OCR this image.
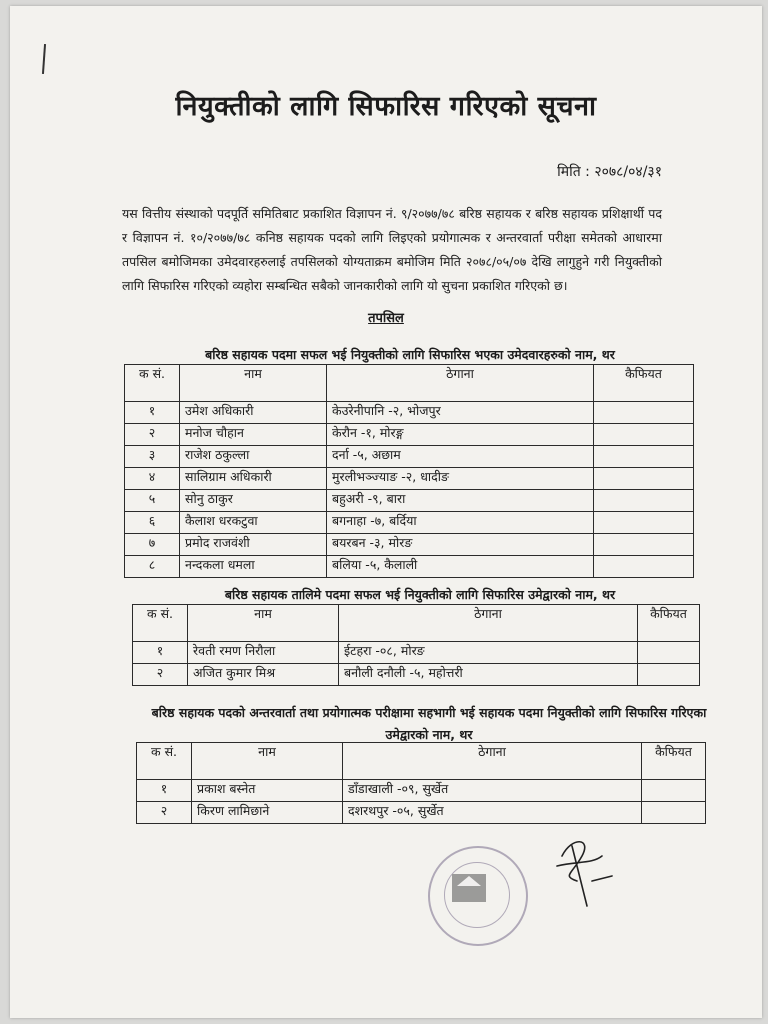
नियुक्तीको लागि सिफारिस गरिएको सूचना
मिति : २०७८/०४/३१

यस वित्तीय संस्थाको पदपूर्ति समितिबाट प्रकाशित विज्ञापन नं. ९/२०७७/७८ बरिष्ठ सहायक र बरिष्ठ सहायक प्रशिक्षार्थी पद र विज्ञापन नं. १०/२०७७/७८ कनिष्ठ सहायक पदको लागि लिइएको प्रयोगात्मक र अन्तरवार्ता परीक्षा समेतको आधारमा तपसिल बमोजिमका उमेदवारहरुलाई तपसिलको योग्यताक्रम बमोजिम मिति २०७८/०५/०७ देखि लागुहुने गरी नियुक्तीको लागि सिफारिस गरिएको व्यहोरा सम्बन्धित सबैको जानकारीको लागि यो सुचना प्रकाशित गरिएको छ।

तपसिल
बरिष्ठ सहायक पदमा सफल भई नियुक्तीको लागि सिफारिस भएका उमेदवारहरुको नाम, थर
क सं.	नाम	ठेगाना	कैफियत
१	उमेश अधिकारी	केउरेनीपानि -२, भोजपुर	
२	मनोज चौहान	केरौन -१, मोरङ्ग	
३	राजेश ठकुल्ला	दर्ना -५, अछाम	
४	सालिग्राम अधिकारी	मुरलीभञ्ज्याङ -२, धादीङ	
५	सोनु ठाकुर	बहुअरी -९, बारा	
६	कैलाश धरकटुवा	बगनाहा -७, बर्दिया	
७	प्रमोद राजवंशी	बयरबन -३, मोरङ	
८	नन्दकला धमला	बलिया -५, कैलाली	
बरिष्ठ सहायक तालिमे पदमा सफल भई नियुक्तीको लागि सिफारिस उमेद्वारको नाम, थर
क सं.	नाम	ठेगाना	कैफियत
१	रेवती रमण निरौला	ईटहरा -०८, मोरङ	
२	अजित कुमार मिश्र	बनौली दनौली -५, महोत्तरी	
बरिष्ठ सहायक पदको अन्तरवार्ता तथा प्रयोगात्मक परीक्षामा सहभागी भई सहायक पदमा नियुक्तीको लागि सिफारिस गरिएका उमेद्वारको नाम, थर
क सं.	नाम	ठेगाना	कैफियत
१	प्रकाश बस्नेत	डाँडाखाली -०९, सुर्खेत	
२	किरण लामिछाने	दशरथपुर -०५, सुर्खेत	
